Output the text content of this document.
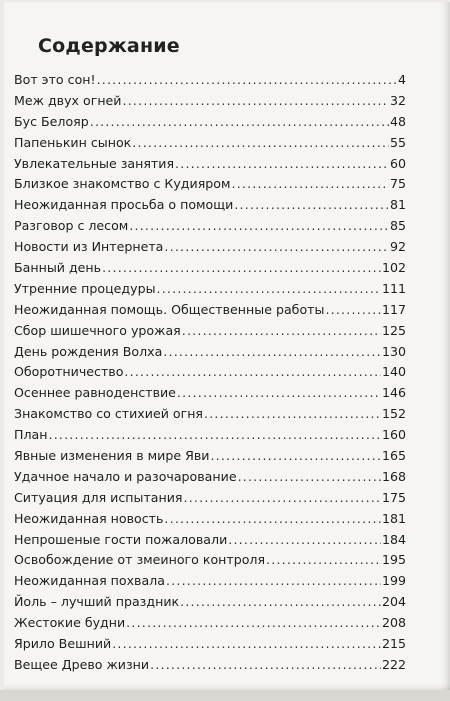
Содержание
Вот это сон! .....	4
Меж двух огней .....	32
Бус Белояр .....	48
Папенькин сынок .....	55
Увлекательные занятия .....	60
Близкое знакомство с Кудияром .....	75
Неожиданная просьба о помощи .....	81
Разговор с лесом .....	85
Новости из Интернета .....	92
Банный день .....	102
Утренние процедуры .....	111
Неожиданная помощь. Общественные работы .....	117
Сбор шишечного урожая .....	125
День рождения Волха .....	130
Оборотничество .....	140
Осеннее равноденствие .....	146
Знакомство со стихией огня .....	152
План .....	160
Явные изменения в мире Яви .....	165
Удачное начало и разочарование .....	168
Ситуация для испытания .....	175
Неожиданная новость .....	181
Непрошеные гости пожаловали .....	184
Освобождение от змеиного контроля .....	195
Неожиданная похвала .....	199
Йоль – лучший праздник .....	204
Жестокие будни .....	208
Ярило Вешний .....	215
Вещее Древо жизни .....	222
